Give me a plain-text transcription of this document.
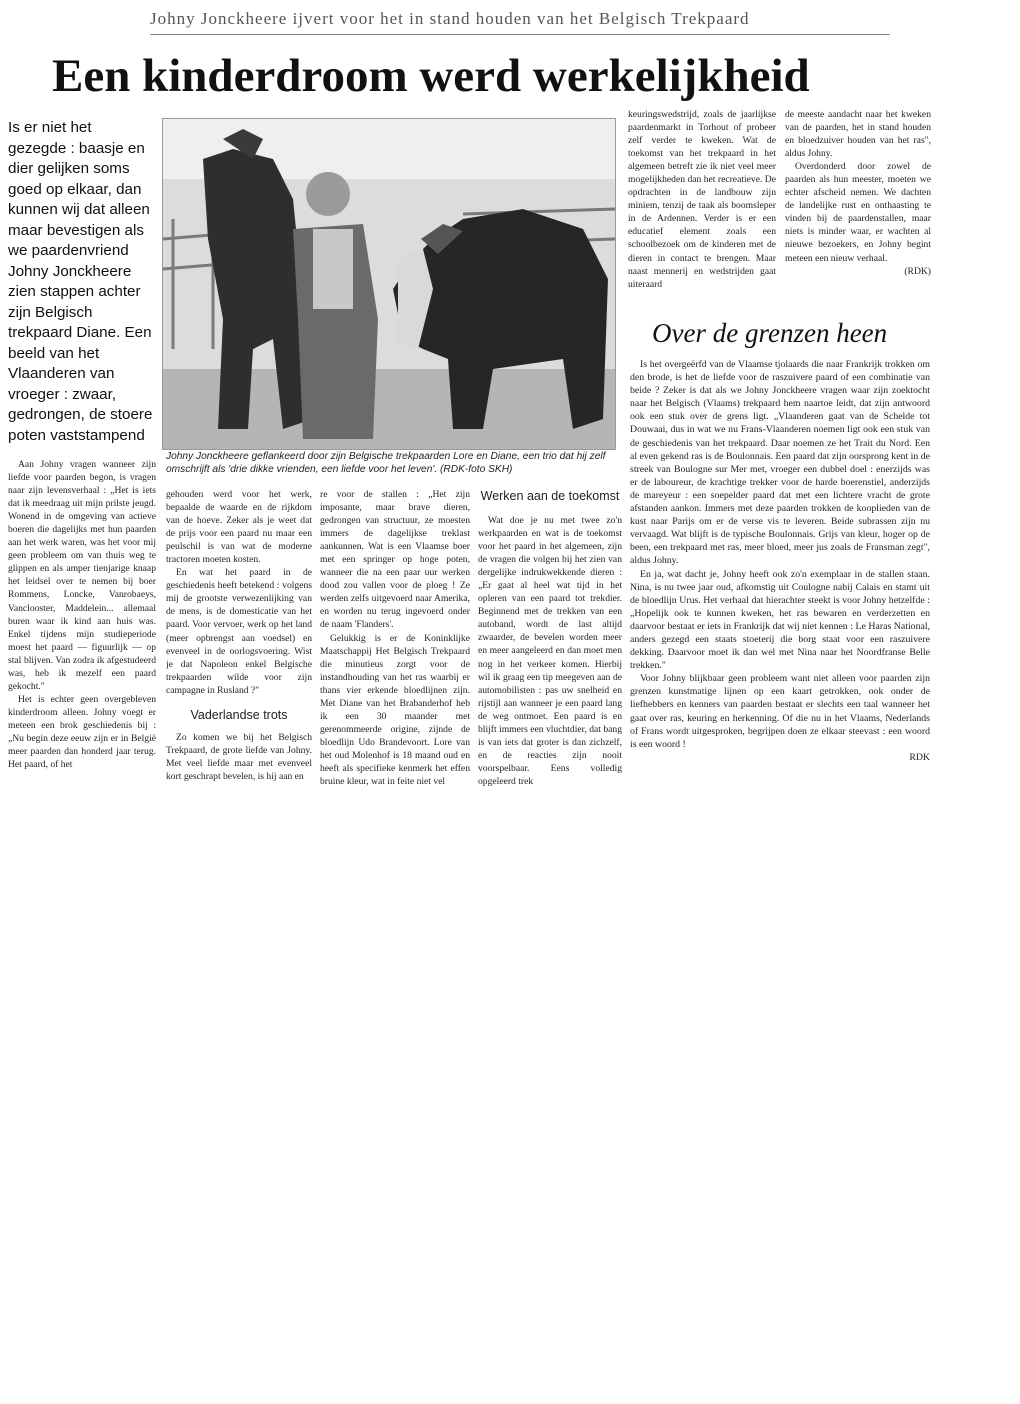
Johny Jonckheere ijvert voor het in stand houden van het Belgisch Trekpaard
Een kinderdroom werd werkelijkheid
Is er niet het gezegde : baasje en dier gelijken soms goed op elkaar, dan kunnen wij dat alleen maar bevestigen als we paardenvriend Johny Jonckheere zien stappen achter zijn Belgisch trekpaard Diane. Een beeld van het Vlaanderen van vroeger : zwaar, gedrongen, de stoere poten vaststampend
Johny Jonckheere geflankeerd door zijn Belgische trekpaarden Lore en Diane, een trio dat hij zelf omschrijft als 'drie dikke vrienden, een liefde voor het leven'. (RDK-foto SKH)

Aan Johny vragen wanneer zijn liefde voor paarden begon, is vragen naar zijn levensverhaal : „Het is iets dat ik meedraag uit mijn prilste jeugd. Wonend in de omgeving van actieve boeren die dagelijks met hun paarden aan het werk waren, was het voor mij geen probleem om van thuis weg te glippen en als amper tienjarige knaap het leidsel over te nemen bij boer Rommens, Loncke, Vanrobaeys, Vanclooster, Maddelein... allemaal buren waar ik kind aan huis was. Enkel tijdens mijn studieperiode moest het paard — figuurlijk — op stal blijven. Van zodra ik afgestudeerd was, heb ik mezelf een paard gekocht."

Het is echter geen overgebleven kinderdroom alleen. Johny voegt er meteen een brok geschiedenis bij : „Nu begin deze eeuw zijn er in België meer paarden dan honderd jaar terug. Het paard, of het

gehouden werd voor het werk, bepaalde de waarde en de rijkdom van de hoeve. Zeker als je weet dat de prijs voor een paard nu maar een peulschil is van wat de moderne tractoren moeten kosten.

En wat het paard in de geschiedenis heeft betekend : volgens mij de grootste verwezenlijking van de mens, is de domesticatie van het paard. Voor vervoer, werk op het land (meer opbrengst aan voedsel) en evenveel in de oorlogsvoering. Wist je dat Napoleon enkel Belgische trekpaarden wilde voor zijn campagne in Rusland ?"

Vaderlandse trots

Zo komen we bij het Belgisch Trekpaard, de grote liefde van Johny. Met veel liefde maar met evenveel kort geschrapt bevelen, is hij aan en

re voor de stallen : „Het zijn imposante, maar brave dieren, gedrongen van structuur, ze moesten immers de dagelijkse treklast aankunnen. Wat is een Vlaamse boer met een springer op hoge poten, wanneer die na een paar uur werken dood zou vallen voor de ploeg ! Ze werden zelfs uitgevoerd naar Amerika, en worden nu terug ingevoerd onder de naam 'Flanders'.

Gelukkig is er de Koninklijke Maatschappij Het Belgisch Trekpaard die minutieus zorgt voor de instandhouding van het ras waarbij er thans vier erkende bloedlijnen zijn. Met Diane van het Brabanderhof heb ik een 30 maander met gerenommeerde origine, zijnde de bloedlijn Udo Brandevoort. Lore van het oud Molenhof is 18 maand oud en heeft als specifieke kenmerk het effen bruine kleur, wat in feite niet vel

Werken aan de toekomst

Wat doe je nu met twee zo'n werkpaarden en wat is de toekomst voor het paard in het algemeen, zijn de vragen die volgen bij het zien van dergelijke indrukwekkende dieren : „Er gaat al heel wat tijd in het opleren van een paard tot trekdier. Beginnend met de trekken van een autoband, wordt de last altijd zwaarder, de bevelen worden meer en meer aangeleerd en dan moet men nog in het verkeer komen. Hierbij wil ik graag een tip meegeven aan de automobilisten : pas uw snelheid en rijstijl aan wanneer je een paard lang de weg ontmoet. Een paard is en blijft immers een vluchtdier, dat bang is van iets dat groter is dan zichzelf, en de reacties zijn nooit voorspelbaar. Eens volledig opgeleerd trek

keuringswedstrijd, zoals de jaarlijkse paardenmarkt in Torhout of probeer zelf verder te kweken. Wat de toekomst van het trekpaard in het algemeen betreft zie ik niet veel meer mogelijkheden dan het recreatieve. De opdrachten in de landbouw zijn miniem, tenzij de taak als boomsleper in de Ardennen. Verder is er een educatief element zoals een schoolbezoek om de kinderen met de dieren in contact te brengen. Maar naast mennerij en wedstrijden gaat uiteraard

de meeste aandacht naar het kweken van de paarden, het in stand houden en bloedzuiver houden van het ras", aldus Johny.

Overdonderd door zowel de paarden als hun meester, moeten we echter afscheid nemen. We dachten de landelijke rust en onthaasting te vinden bij de paardenstallen, maar niets is minder waar, er wachten al nieuwe bezoekers, en Johny begint meteen een nieuw verhaal.

(RDK)
Over de grenzen heen

Is het overgeërfd van de Vlaamse tjolaards die naar Frankrijk trokken om den brode, is het de liefde voor de raszuivere paard of een combinatie van beide ? Zeker is dat als we Johny Jonckheere vragen waar zijn zoektocht naar het Belgisch (Vlaams) trekpaard hem naartoe leidt, dat zijn antwoord ook een stuk over de grens ligt. „Vlaanderen gaat van de Schelde tot Douwaai, dus in wat we nu Frans-Vlaanderen noemen ligt ook een stuk van de geschiedenis van het trekpaard. Daar noemen ze het Trait du Nord. Een al even gekend ras is de Boulonnais. Een paard dat zijn oorsprong kent in de streek van Boulogne sur Mer met, vroeger een dubbel doel : enerzijds was er de laboureur, de krachtige trekker voor de harde boerenstiel, anderzijds de mareyeur : een soepelder paard dat met een lichtere vracht de grote afstanden aankon. Immers met deze paarden trokken de kooplieden van de kust naar Parijs om er de verse vis te leveren. Beide subrassen zijn nu vervaagd. Wat blijft is de typische Boulonnais. Grijs van kleur, hoger op de been, een trekpaard met ras, meer bloed, meer jus zoals de Fransman zegt", aldus Johny.

En ja, wat dacht je, Johny heeft ook zo'n exemplaar in de stallen staan. Nina, is nu twee jaar oud, afkomstig uit Coulogne nabij Calais en stamt uit de bloedlijn Urus. Het verhaal dat hierachter steekt is voor Johny hetzelfde : „Hopelijk ook te kunnen kweken, het ras bewaren en verderzetten en daarvoor bestaat er iets in Frankrijk dat wij niet kennen : Le Haras National, anders gezegd een staats stoeterij die borg staat voor een raszuivere dekking. Daarvoor moet ik dan wel met Nina naar het Noordfranse Belle trekken."

Voor Johny blijkbaar geen probleem want niet alleen voor paarden zijn grenzen kunstmatige lijnen op een kaart getrokken, ook onder de liefhebbers en kenners van paarden bestaat er slechts een taal wanneer het gaat over ras, keuring en herkenning. Of die nu in het Vlaams, Nederlands of Frans wordt uitgesproken, begrijpen doen ze elkaar steevast : een woord is een woord !

RDK
